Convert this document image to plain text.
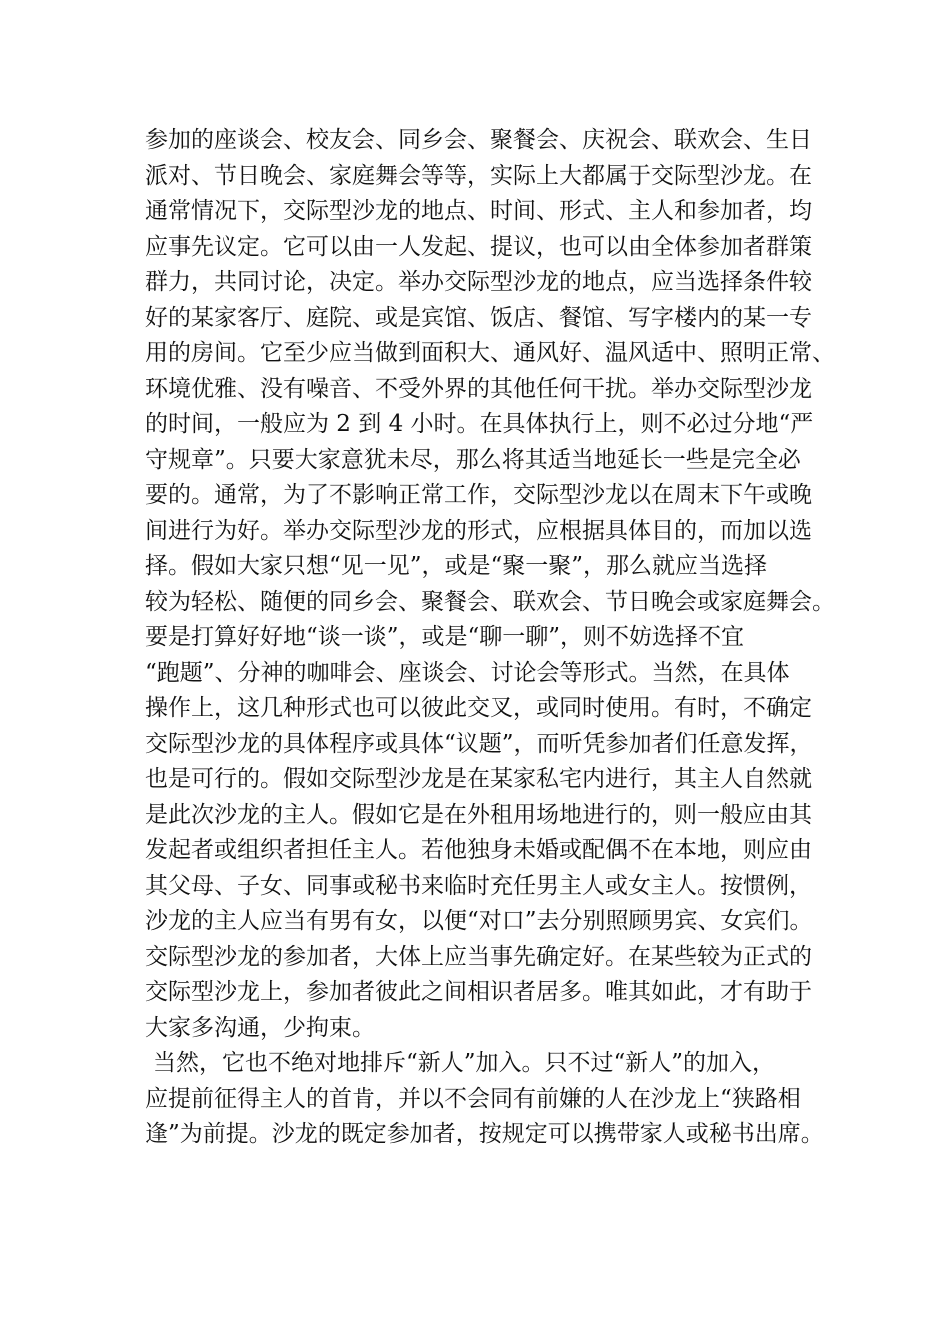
参加的座谈会、校友会、同乡会、聚餐会、庆祝会、联欢会、生日
派对、节日晚会、家庭舞会等等，实际上大都属于交际型沙龙。在
通常情况下，交际型沙龙的地点、时间、形式、主人和参加者，均
应事先议定。它可以由一人发起、提议，也可以由全体参加者群策
群力，共同讨论，决定。举办交际型沙龙的地点，应当选择条件较
好的某家客厅、庭院、或是宾馆、饭店、餐馆、写字楼内的某一专
用的房间。它至少应当做到面积大、通风好、温风适中、照明正常、
环境优雅、没有噪音、不受外界的其他任何干扰。举办交际型沙龙
的时间，一般应为 2 到 4 小时。在具体执行上，则不必过分地“严
守规章”。只要大家意犹未尽，那么将其适当地延长一些是完全必
要的。通常，为了不影响正常工作，交际型沙龙以在周末下午或晚
间进行为好。举办交际型沙龙的形式，应根据具体目的，而加以选
择。假如大家只想“见一见”，或是“聚一聚”，那么就应当选择
较为轻松、随便的同乡会、聚餐会、联欢会、节日晚会或家庭舞会。
要是打算好好地“谈一谈”，或是“聊一聊”，则不妨选择不宜
“跑题”、分神的咖啡会、座谈会、讨论会等形式。当然，在具体
操作上，这几种形式也可以彼此交叉，或同时使用。有时，不确定
交际型沙龙的具体程序或具体“议题”，而听凭参加者们任意发挥，
也是可行的。假如交际型沙龙是在某家私宅内进行，其主人自然就
是此次沙龙的主人。假如它是在外租用场地进行的，则一般应由其
发起者或组织者担任主人。若他独身未婚或配偶不在本地，则应由
其父母、子女、同事或秘书来临时充任男主人或女主人。按惯例，
沙龙的主人应当有男有女，以便“对口”去分别照顾男宾、女宾们。
交际型沙龙的参加者，大体上应当事先确定好。在某些较为正式的
交际型沙龙上，参加者彼此之间相识者居多。唯其如此，才有助于
大家多沟通，少拘束。
当然，它也不绝对地排斥“新人”加入。只不过“新人”的加入，
应提前征得主人的首肯，并以不会同有前嫌的人在沙龙上“狭路相
逢”为前提。沙龙的既定参加者，按规定可以携带家人或秘书出席。
